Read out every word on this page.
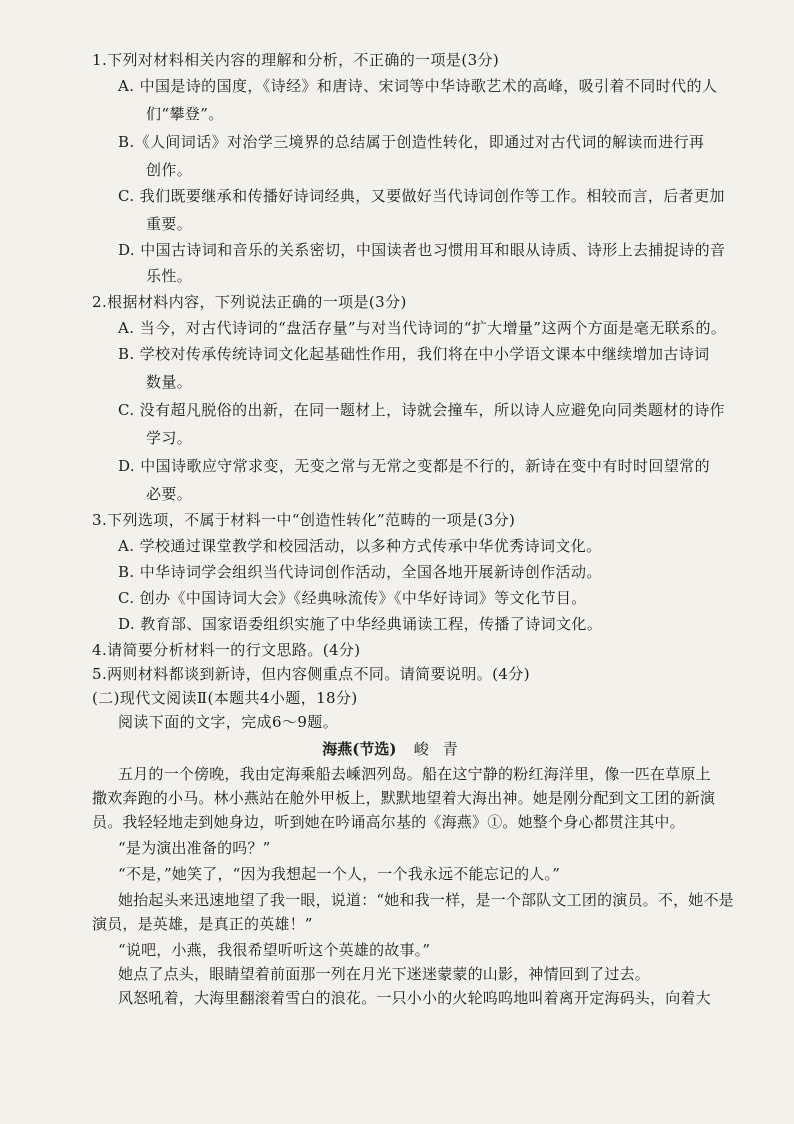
1.下列对材料相关内容的理解和分析，不正确的一项是(3分)
A. 中国是诗的国度，《诗经》和唐诗、宋词等中华诗歌艺术的高峰，吸引着不同时代的人
们“攀登”。
B.《人间词话》对治学三境界的总结属于创造性转化，即通过对古代词的解读而进行再
创作。
C. 我们既要继承和传播好诗词经典，又要做好当代诗词创作等工作。相较而言，后者更加
重要。
D. 中国古诗词和音乐的关系密切，中国读者也习惯用耳和眼从诗质、诗形上去捕捉诗的音
乐性。
2.根据材料内容，下列说法正确的一项是(3分)
A. 当今，对古代诗词的“盘活存量”与对当代诗词的“扩大增量”这两个方面是毫无联系的。
B. 学校对传承传统诗词文化起基础性作用，我们将在中小学语文课本中继续增加古诗词
数量。
C. 没有超凡脱俗的出新，在同一题材上，诗就会撞车，所以诗人应避免向同类题材的诗作
学习。
D. 中国诗歌应守常求变，无变之常与无常之变都是不行的，新诗在变中有时时回望常的
必要。
3.下列选项，不属于材料一中“创造性转化”范畴的一项是(3分)
A. 学校通过课堂教学和校园活动，以多种方式传承中华优秀诗词文化。
B. 中华诗词学会组织当代诗词创作活动，全国各地开展新诗创作活动。
C. 创办《中国诗词大会》《经典咏流传》《中华好诗词》等文化节目。
D. 教育部、国家语委组织实施了中华经典诵读工程，传播了诗词文化。
4.请简要分析材料一的行文思路。(4分)
5.两则材料都谈到新诗，但内容侧重点不同。请简要说明。(4分)
(二)现代文阅读Ⅱ(本题共4小题，18分)
阅读下面的文字，完成6～9题。
海燕(节选) 峻青
五月的一个傍晚，我由定海乘船去嵊泗列岛。船在这宁静的粉红海洋里，像一匹在草原上
撒欢奔跑的小马。林小燕站在舱外甲板上，默默地望着大海出神。她是刚分配到文工团的新演
员。我轻轻地走到她身边，听到她在吟诵高尔基的《海燕》①。她整个身心都贯注其中。
“是为演出准备的吗？”
“不是，”她笑了，“因为我想起一个人，一个我永远不能忘记的人。”
她抬起头来迅速地望了我一眼，说道：“她和我一样，是一个部队文工团的演员。不，她不是
演员，是英雄，是真正的英雄！”
“说吧，小燕，我很希望听听这个英雄的故事。”
她点了点头，眼睛望着前面那一列在月光下迷迷蒙蒙的山影，神情回到了过去。
风怒吼着，大海里翻滚着雪白的浪花。一只小小的火轮呜呜地叫着离开定海码头，向着大
